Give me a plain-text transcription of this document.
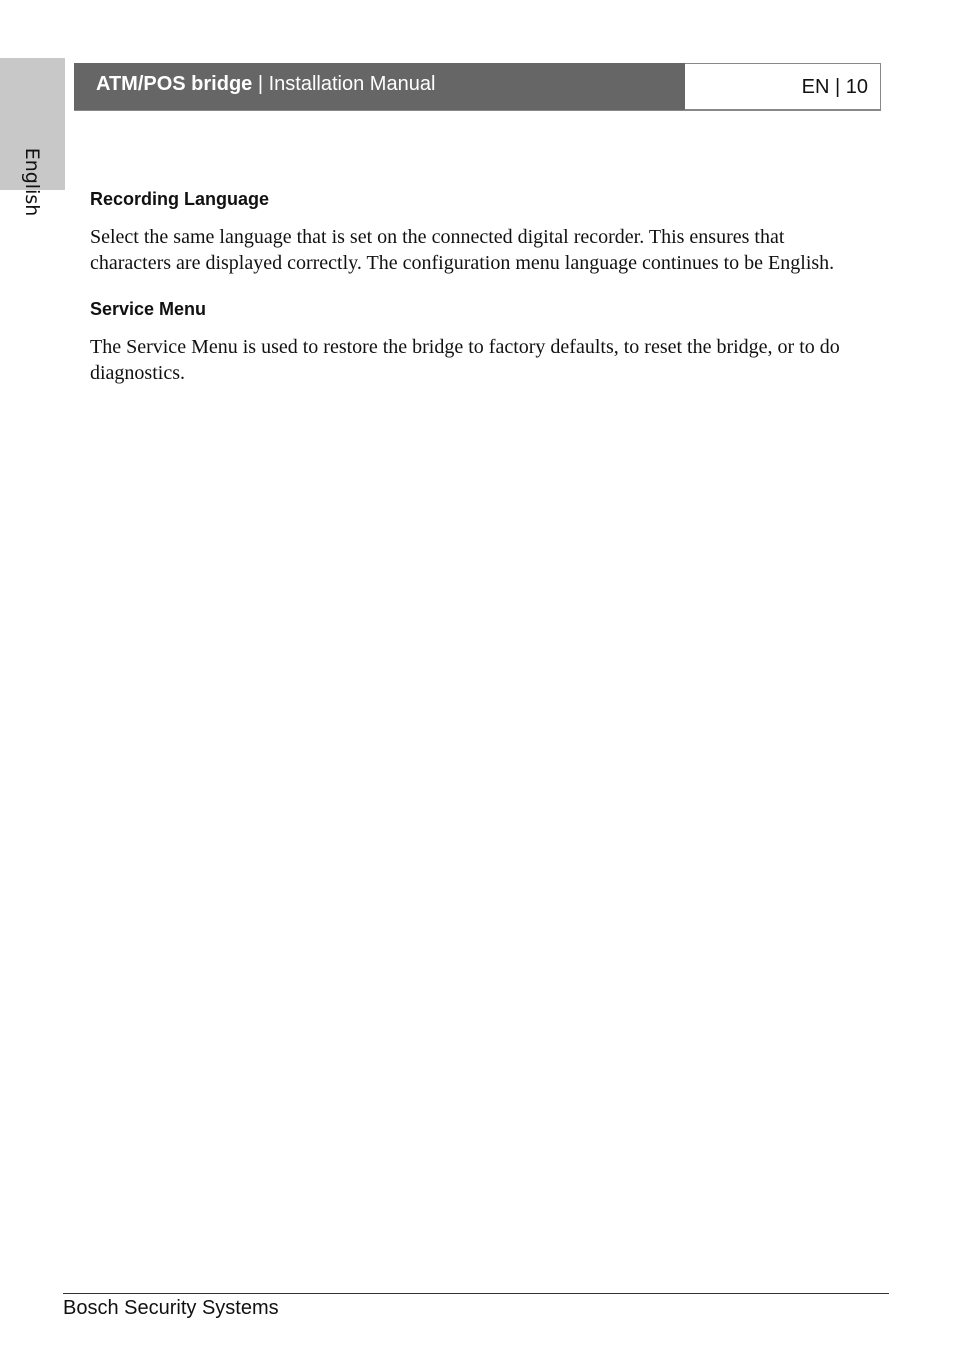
English
ATM/POS bridge | Installation Manual	EN | 10
Recording Language

Select the same language that is set on the connected digital recorder. This ensures that characters are displayed correctly. The configuration menu language continues to be English.

Service Menu

The Service Menu is used to restore the bridge to factory defaults, to reset the bridge, or to do diagnostics.

Bosch Security Systems
